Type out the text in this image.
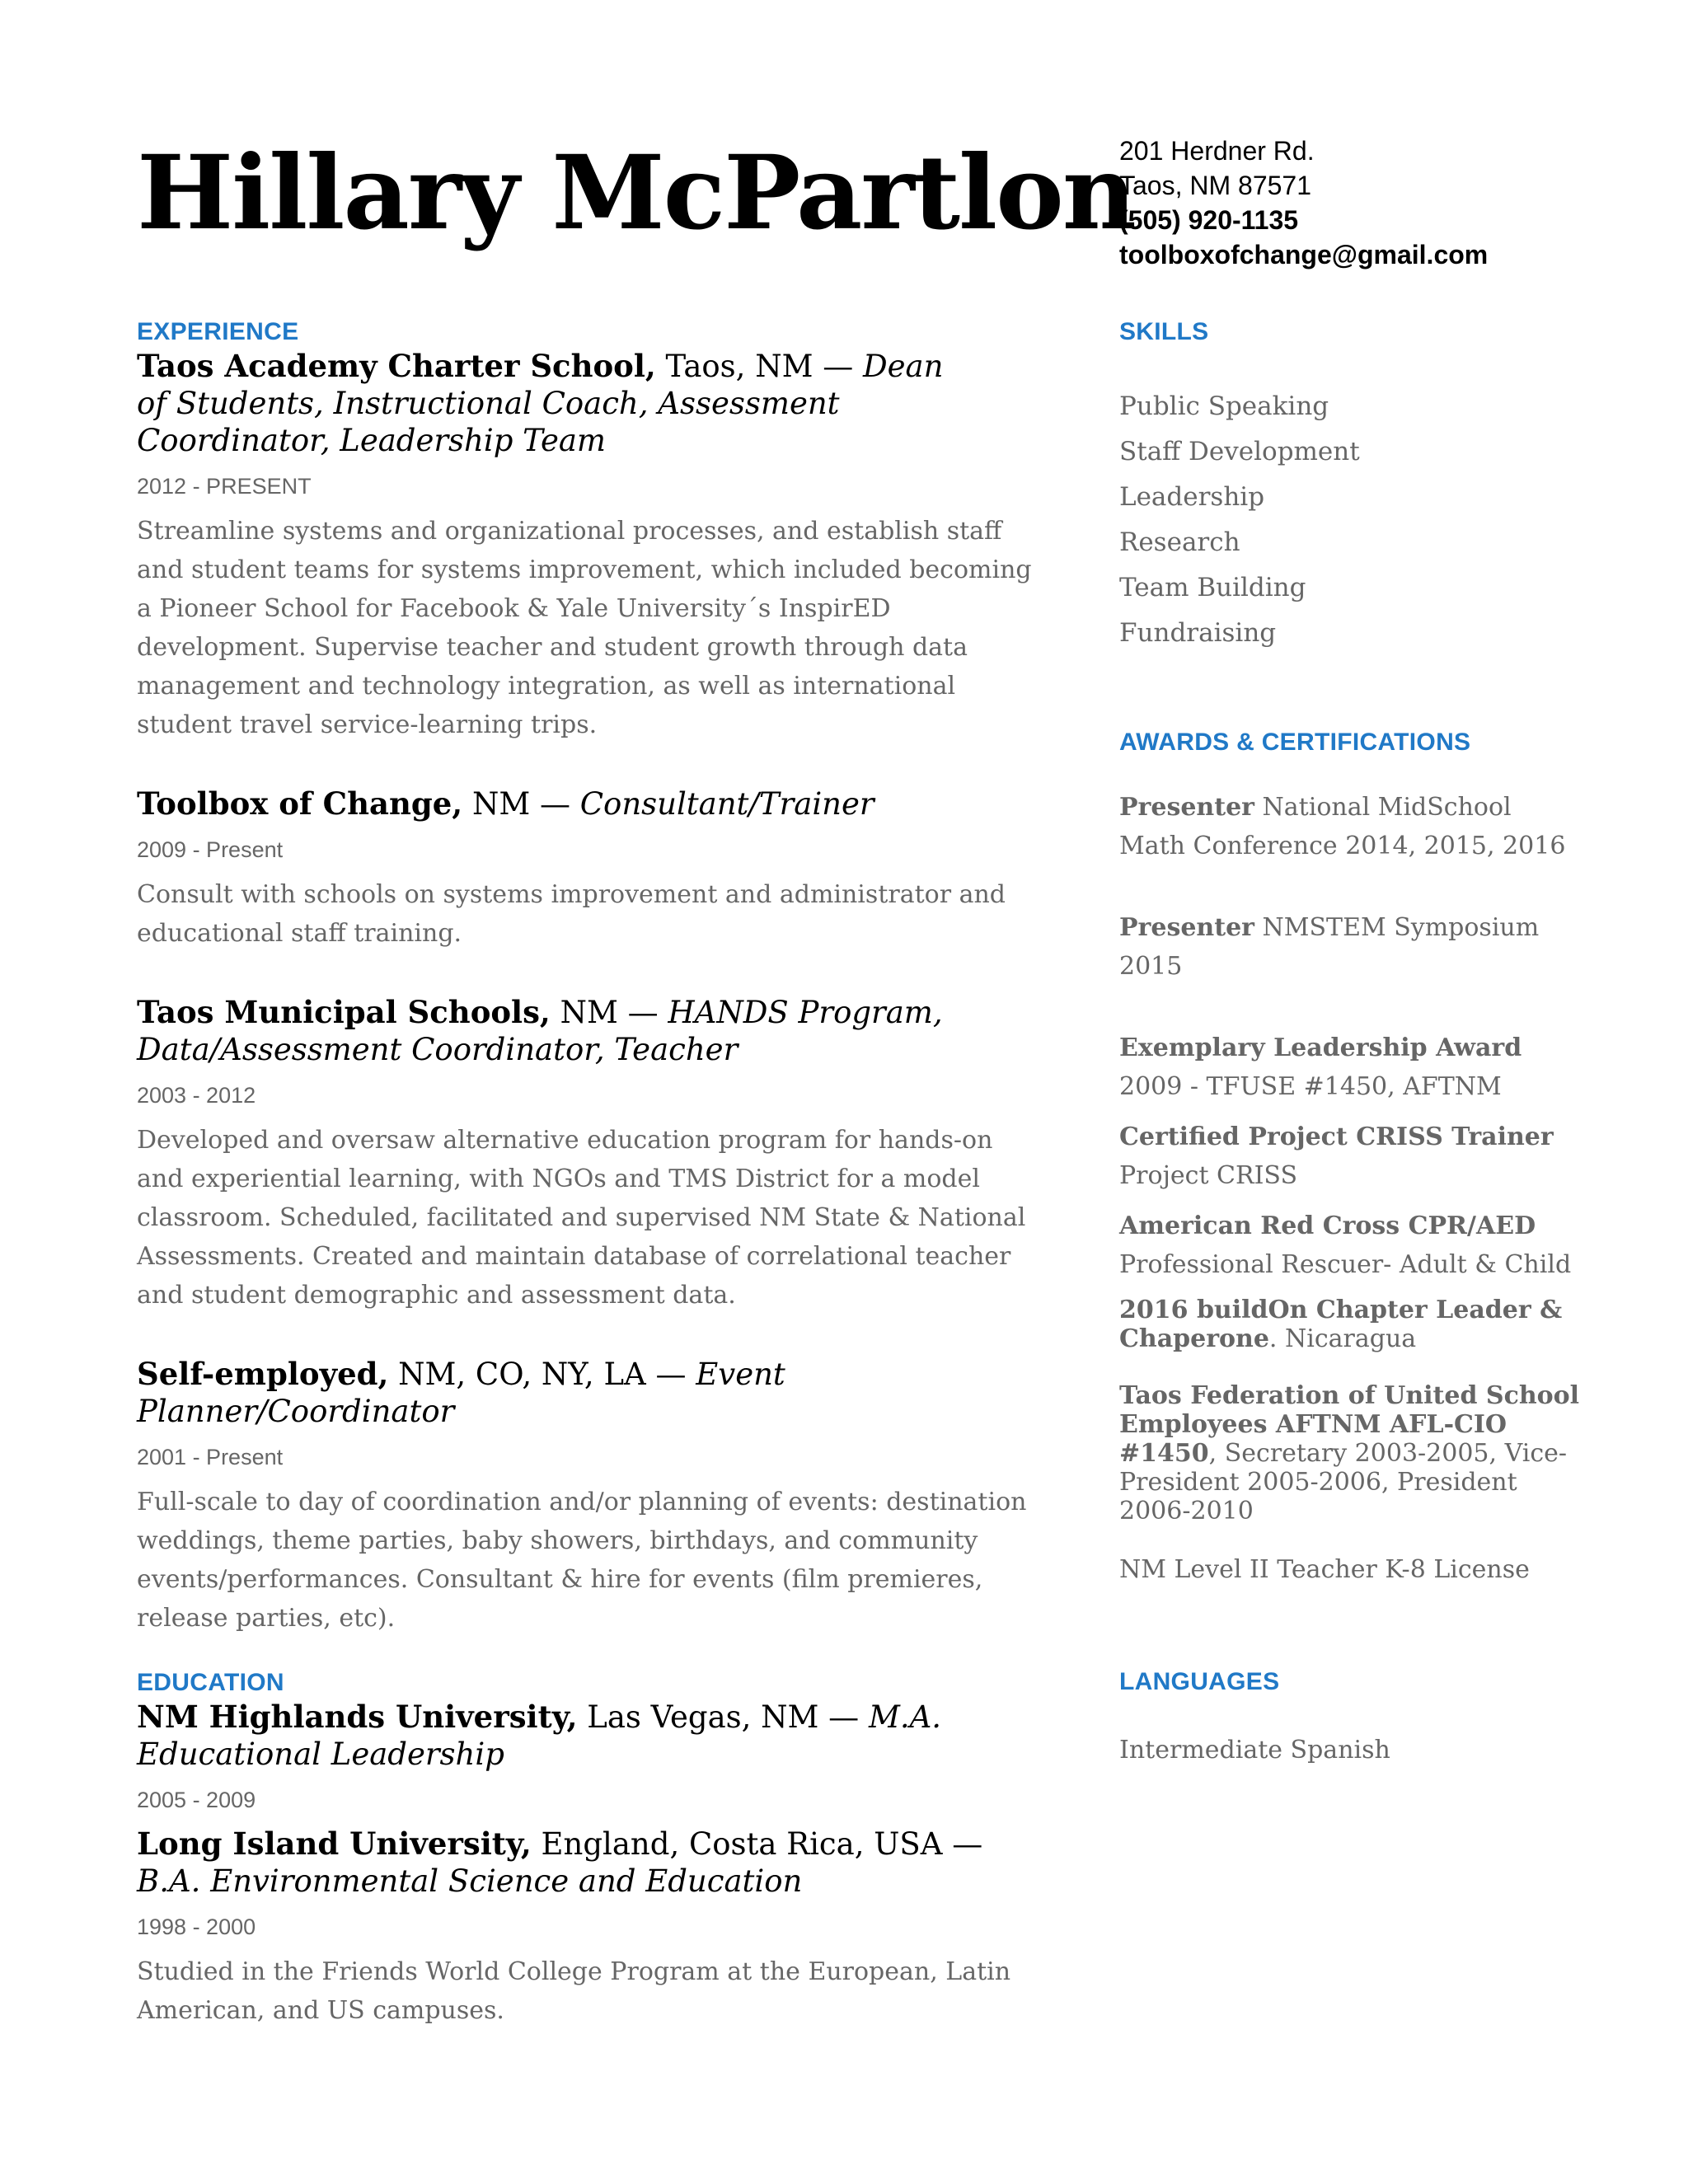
Hillary McPartlon
201 Herdner Rd.
Taos, NM 87571
(505) 920-1135
toolboxofchange@gmail.com
EXPERIENCE

Taos Academy Charter School, Taos, NM — Dean of Students, Instructional Coach, Assessment Coordinator, Leadership Team

2012 - PRESENT

Streamline systems and organizational processes, and establish staff and student teams for systems improvement, which included becoming a Pioneer School for Facebook & Yale University´s InspirED development. Supervise teacher and student growth through data management and technology integration, as well as international student travel service-learning trips.

Toolbox of Change, NM — Consultant/Trainer

2009 - Present

Consult with schools on systems improvement and administrator and educational staff training.

Taos Municipal Schools, NM — HANDS Program, Data/Assessment Coordinator, Teacher

2003 - 2012

Developed and oversaw alternative education program for hands-on and experiential learning, with NGOs and TMS District for a model classroom. Scheduled, facilitated and supervised NM State & National Assessments. Created and maintain database of correlational teacher and student demographic and assessment data.

Self-employed, NM, CO, NY, LA — Event Planner/Coordinator

2001 - Present

Full-scale to day of coordination and/or planning of events: destination weddings, theme parties, baby showers, birthdays, and community events/performances. Consultant & hire for events (film premieres, release parties, etc).

EDUCATION

NM Highlands University, Las Vegas, NM — M.A. Educational Leadership

2005 - 2009

Long Island University, England, Costa Rica, USA — B.A. Environmental Science and Education

1998 - 2000

Studied in the Friends World College Program at the European, Latin American, and US campuses.

SKILLS
Public Speaking
Staff Development
Leadership
Research
Team Building
Fundraising
AWARDS & CERTIFICATIONS

Presenter National MidSchool Math Conference 2014, 2015, 2016

Presenter NMSTEM Symposium 2015

Exemplary Leadership Award 2009 - TFUSE #1450, AFTNM

Certified Project CRISS Trainer Project CRISS

American Red Cross CPR/AED Professional Rescuer- Adult & Child

2016 buildOn Chapter Leader & Chaperone. Nicaragua

Taos Federation of United School Employees AFTNM AFL-CIO #1450, Secretary 2003-2005, Vice-President 2005-2006, President 2006-2010

NM Level II Teacher K-8 License

LANGUAGES

Intermediate Spanish
